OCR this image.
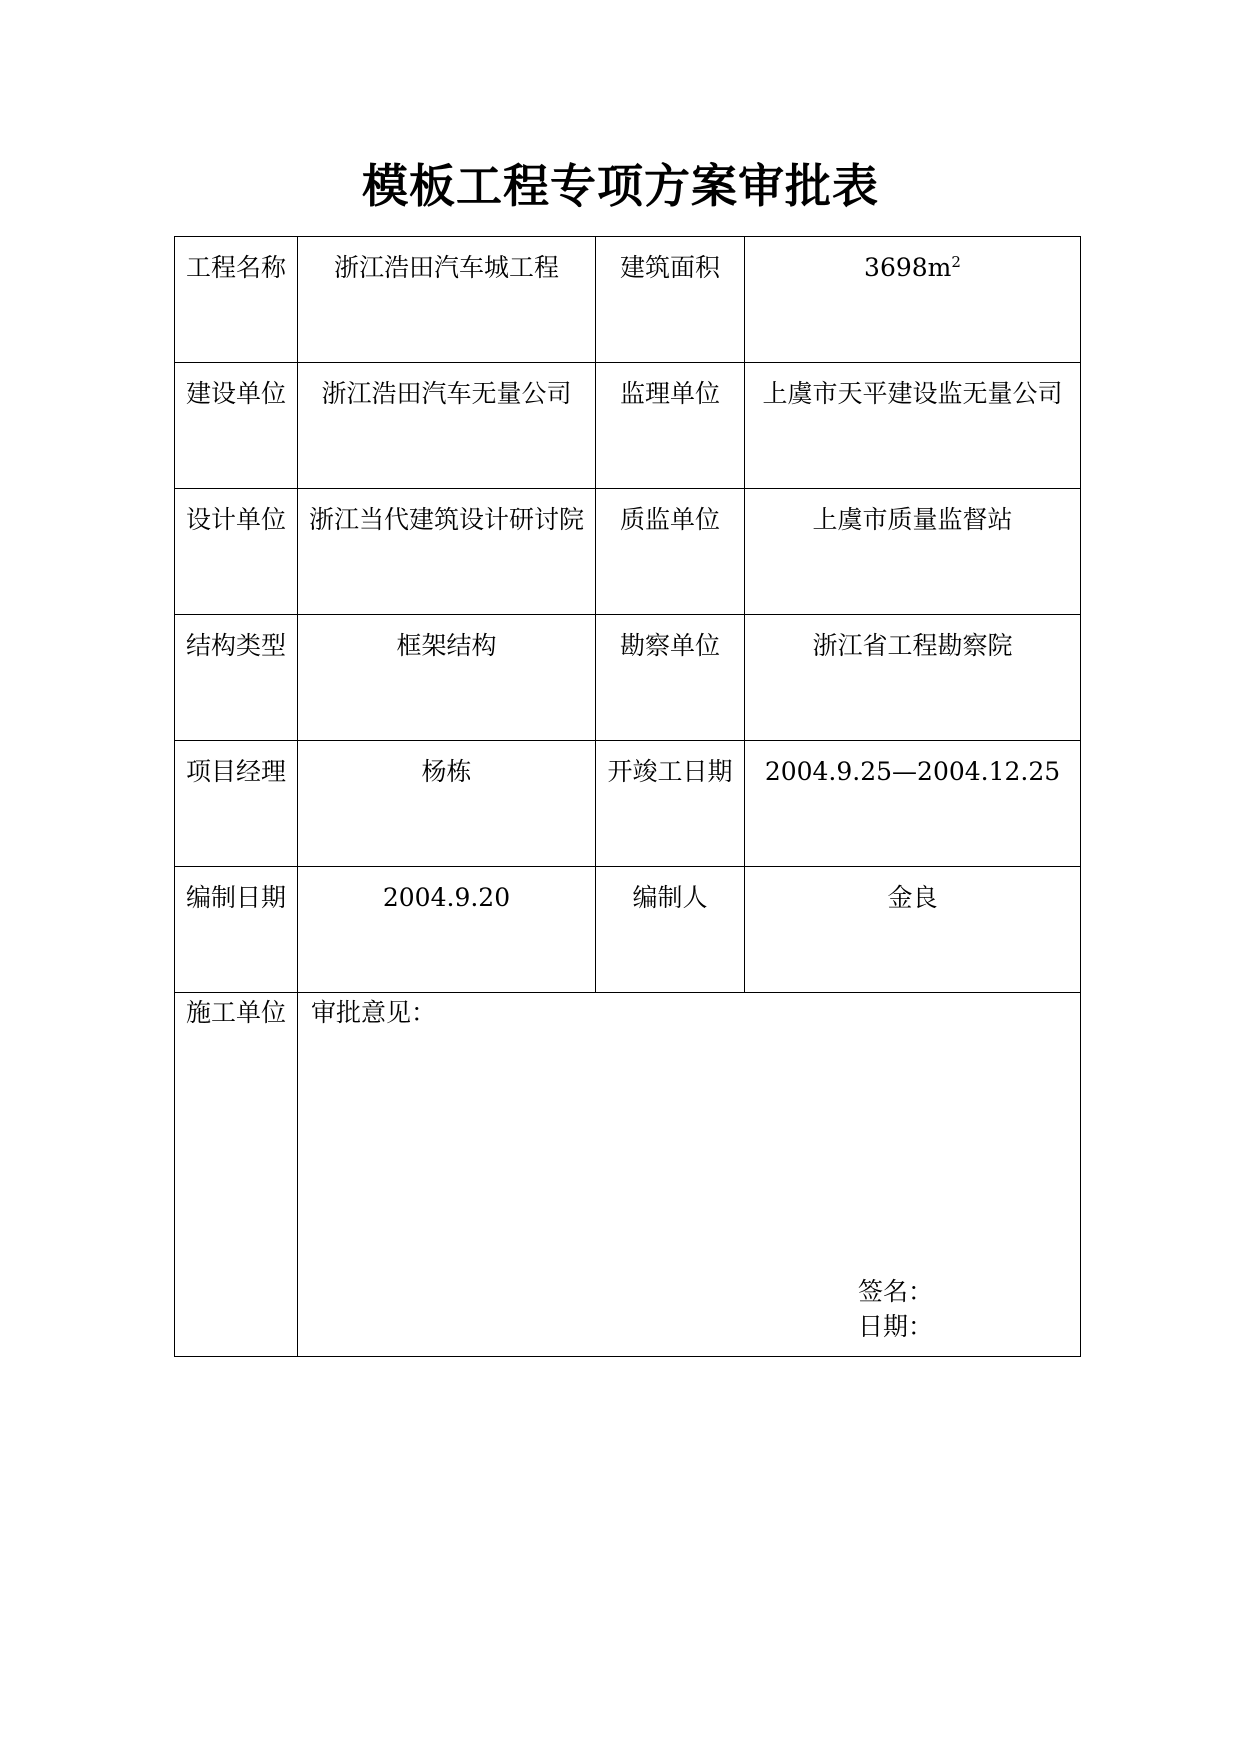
模板工程专项方案审批表
工程名称	浙江浩田汽车城工程	建筑面积	$3698m^2$

建设单位	浙江浩田汽车无量公司	监理单位	上虞市天平建设监无量公司

设计单位	浙江当代建筑设计研讨院	质监单位	上虞市质量监督站

结构类型	框架结构	勘察单位	浙江省工程勘察院

项目经理	杨栋	开竣工日期	2004.9.25—2004.12.25

编制日期	2004.9.20	编制人	金良

施工单位	审批意见：
签名：
日期：		
